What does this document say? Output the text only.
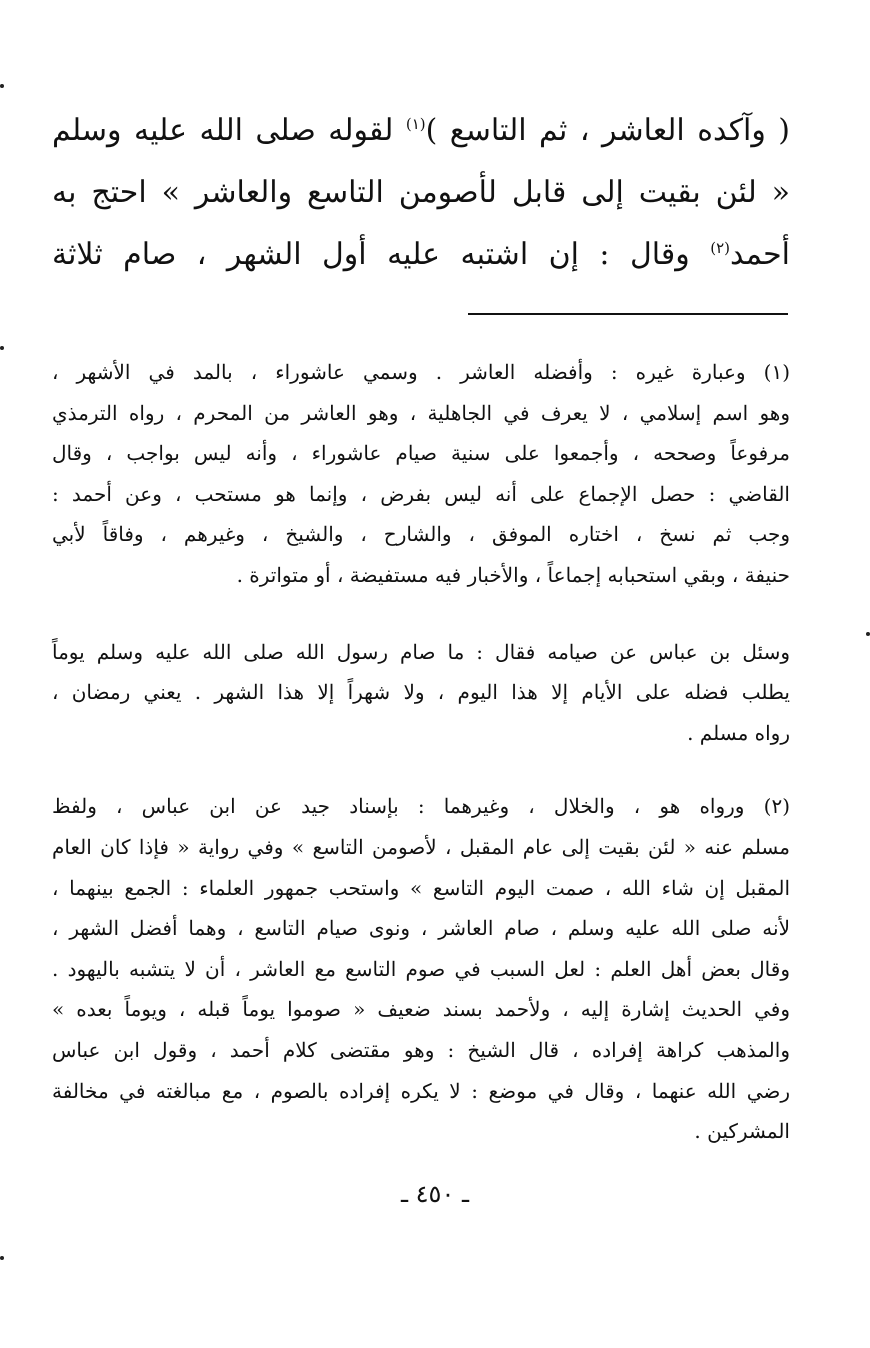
( وآكده العاشر ، ثم التاسع )$^{(١)}$ لقوله صلى الله عليه وسلم
« لئن بقيت إلى قابل لأصومن التاسع والعاشر » احتج به
أحمد$^{(٢)}$ وقال : إن اشتبه عليه أول الشهر ، صام ثلاثة
(١) وعبارة غيره : وأفضله العاشر . وسمي عاشوراء ، بالمد في الأشهر ،
وهو اسم إسلامي ، لا يعرف في الجاهلية ، وهو العاشر من المحرم ، رواه الترمذي
مرفوعاً وصححه ، وأجمعوا على سنية صيام عاشوراء ، وأنه ليس بواجب ، وقال
القاضي : حصل الإجماع على أنه ليس بفرض ، وإنما هو مستحب ، وعن أحمد :
وجب ثم نسخ ، اختاره الموفق ، والشارح ، والشيخ ، وغيرهم ، وفاقاً لأبي
حنيفة ، وبقي استحبابه إجماعاً ، والأخبار فيه مستفيضة ، أو متواترة .
وسئل بن عباس عن صيامه فقال : ما صام رسول الله صلى الله عليه وسلم يوماً
يطلب فضله على الأيام إلا هذا اليوم ، ولا شهراً إلا هذا الشهر . يعني رمضان ،
رواه مسلم .
(٢) ورواه هو ، والخلال ، وغيرهما : بإسناد جيد عن ابن عباس ، ولفظ
مسلم عنه « لئن بقيت إلى عام المقبل ، لأصومن التاسع » وفي رواية « فإذا كان العام
المقبل إن شاء الله ، صمت اليوم التاسع » واستحب جمهور العلماء : الجمع بينهما ،
لأنه صلى الله عليه وسلم ، صام العاشر ، ونوى صيام التاسع ، وهما أفضل الشهر ،
وقال بعض أهل العلم : لعل السبب في صوم التاسع مع العاشر ، أن لا يتشبه باليهود .
وفي الحديث إشارة إليه ، ولأحمد بسند ضعيف « صوموا يوماً قبله ، ويوماً بعده »
والمذهب كراهة إفراده ، قال الشيخ : وهو مقتضى كلام أحمد ، وقول ابن عباس
رضي الله عنهما ، وقال في موضع : لا يكره إفراده بالصوم ، مع مبالغته في مخالفة
المشركين .
ـ ٤٥٠ ـ
